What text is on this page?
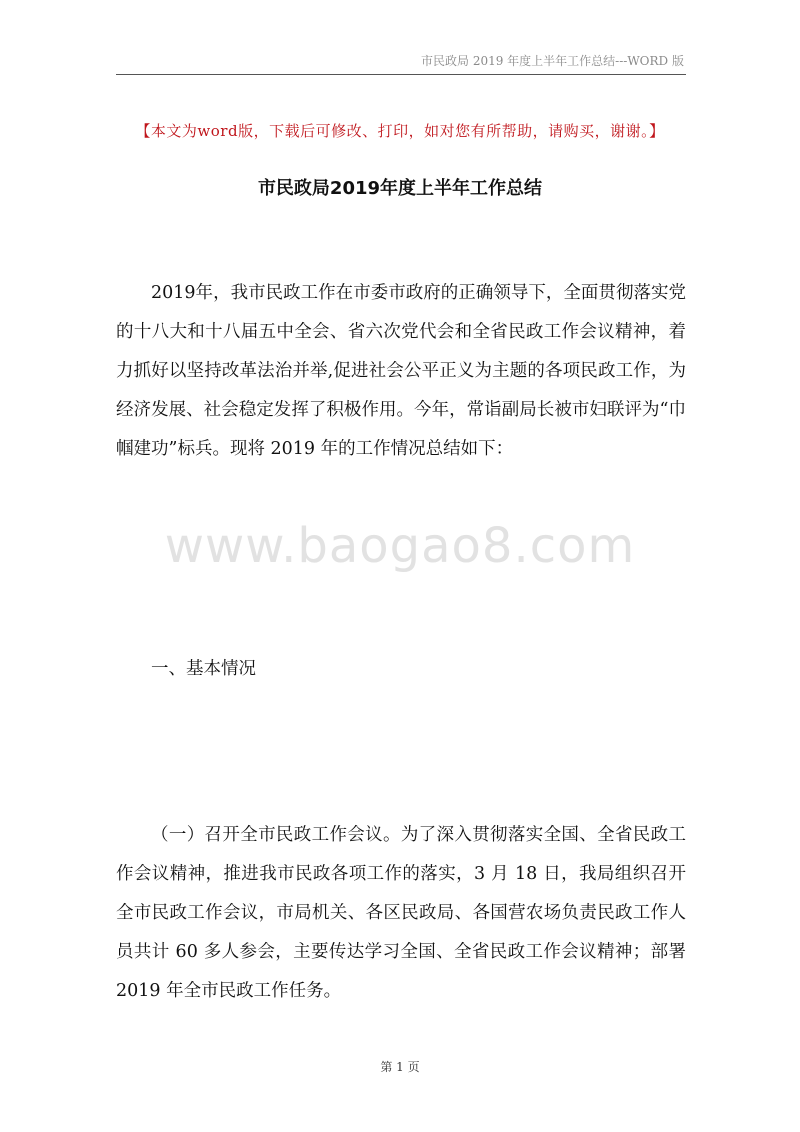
市民政局 2019 年度上半年工作总结---WORD 版
【本文为word版，下载后可修改、打印，如对您有所帮助，请购买，谢谢。】
市民政局2019年度上半年工作总结

2019年，我市民政工作在市委市政府的正确领导下，全面贯彻落实党的十八大和十八届五中全会、省六次党代会和全省民政工作会议精神，着力抓好以坚持改革法治并举,促进社会公平正义为主题的各项民政工作，为经济发展、社会稳定发挥了积极作用。今年，常诣副局长被市妇联评为“巾帼建功”标兵。现将 2019 年的工作情况总结如下：

www.baogao8.com
一、基本情况

（一）召开全市民政工作会议。为了深入贯彻落实全国、全省民政工作会议精神，推进我市民政各项工作的落实，3 月 18 日，我局组织召开全市民政工作会议，市局机关、各区民政局、各国营农场负责民政工作人员共计 60 多人参会，主要传达学习全国、全省民政工作会议精神；部署 2019 年全市民政工作任务。

第 1 页
